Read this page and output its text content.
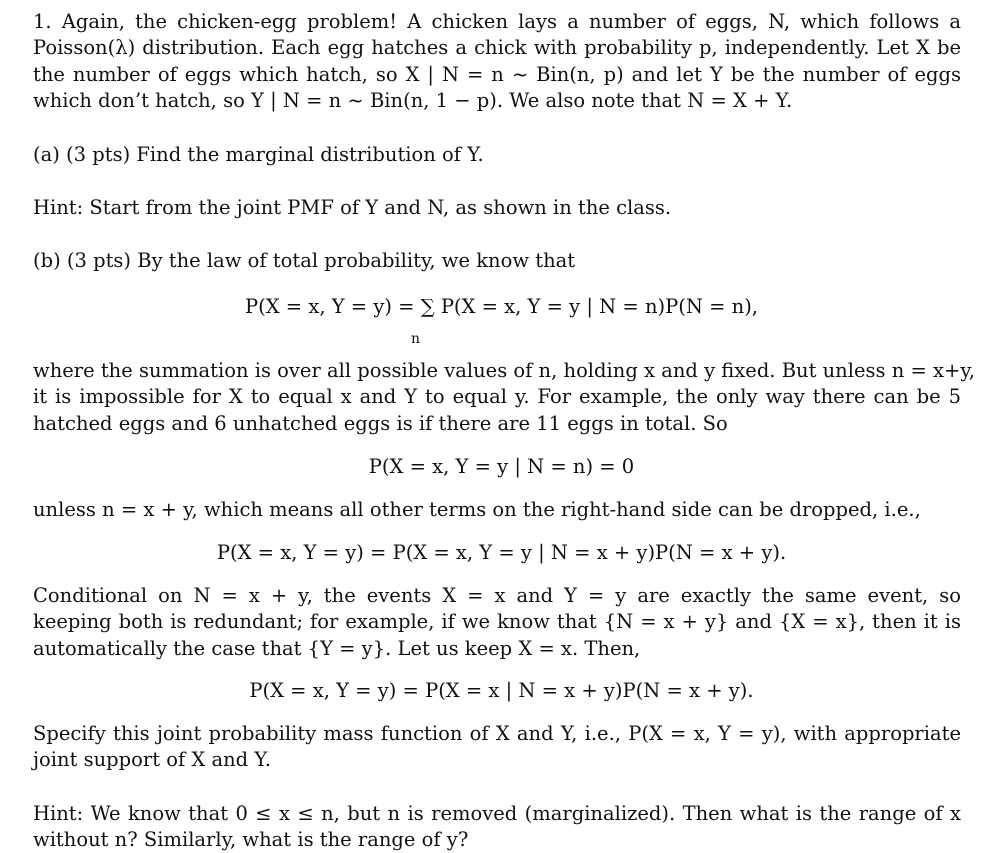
1. Again, the chicken-egg problem! A chicken lays a number of eggs, N, which follows a
Poisson(λ) distribution. Each egg hatches a chick with probability p, independently. Let X be
the number of eggs which hatch, so X | N = n ~ Bin(n, p) and let Y be the number of eggs
which don’t hatch, so Y | N = n ~ Bin(n, 1 − p). We also note that N = X + Y.
(a) (3 pts) Find the marginal distribution of Y.
Hint: Start from the joint PMF of Y and N, as shown in the class.
(b) (3 pts) By the law of total probability, we know that
P(X = x, Y = y) = ∑ P(X = x, Y = y | N = n)P(N = n),
n
where the summation is over all possible values of n, holding x and y fixed. But unless n = x+y,
it is impossible for X to equal x and Y to equal y. For example, the only way there can be 5
hatched eggs and 6 unhatched eggs is if there are 11 eggs in total. So
P(X = x, Y = y | N = n) = 0
unless n = x + y, which means all other terms on the right-hand side can be dropped, i.e.,
P(X = x, Y = y) = P(X = x, Y = y | N = x + y)P(N = x + y).
Conditional on N = x + y, the events X = x and Y = y are exactly the same event, so
keeping both is redundant; for example, if we know that {N = x + y} and {X = x}, then it is
automatically the case that {Y = y}. Let us keep X = x. Then,
P(X = x, Y = y) = P(X = x | N = x + y)P(N = x + y).
Specify this joint probability mass function of X and Y, i.e., P(X = x, Y = y), with appropriate
joint support of X and Y.
Hint: We know that 0 ≤ x ≤ n, but n is removed (marginalized). Then what is the range of x
without n? Similarly, what is the range of y?
